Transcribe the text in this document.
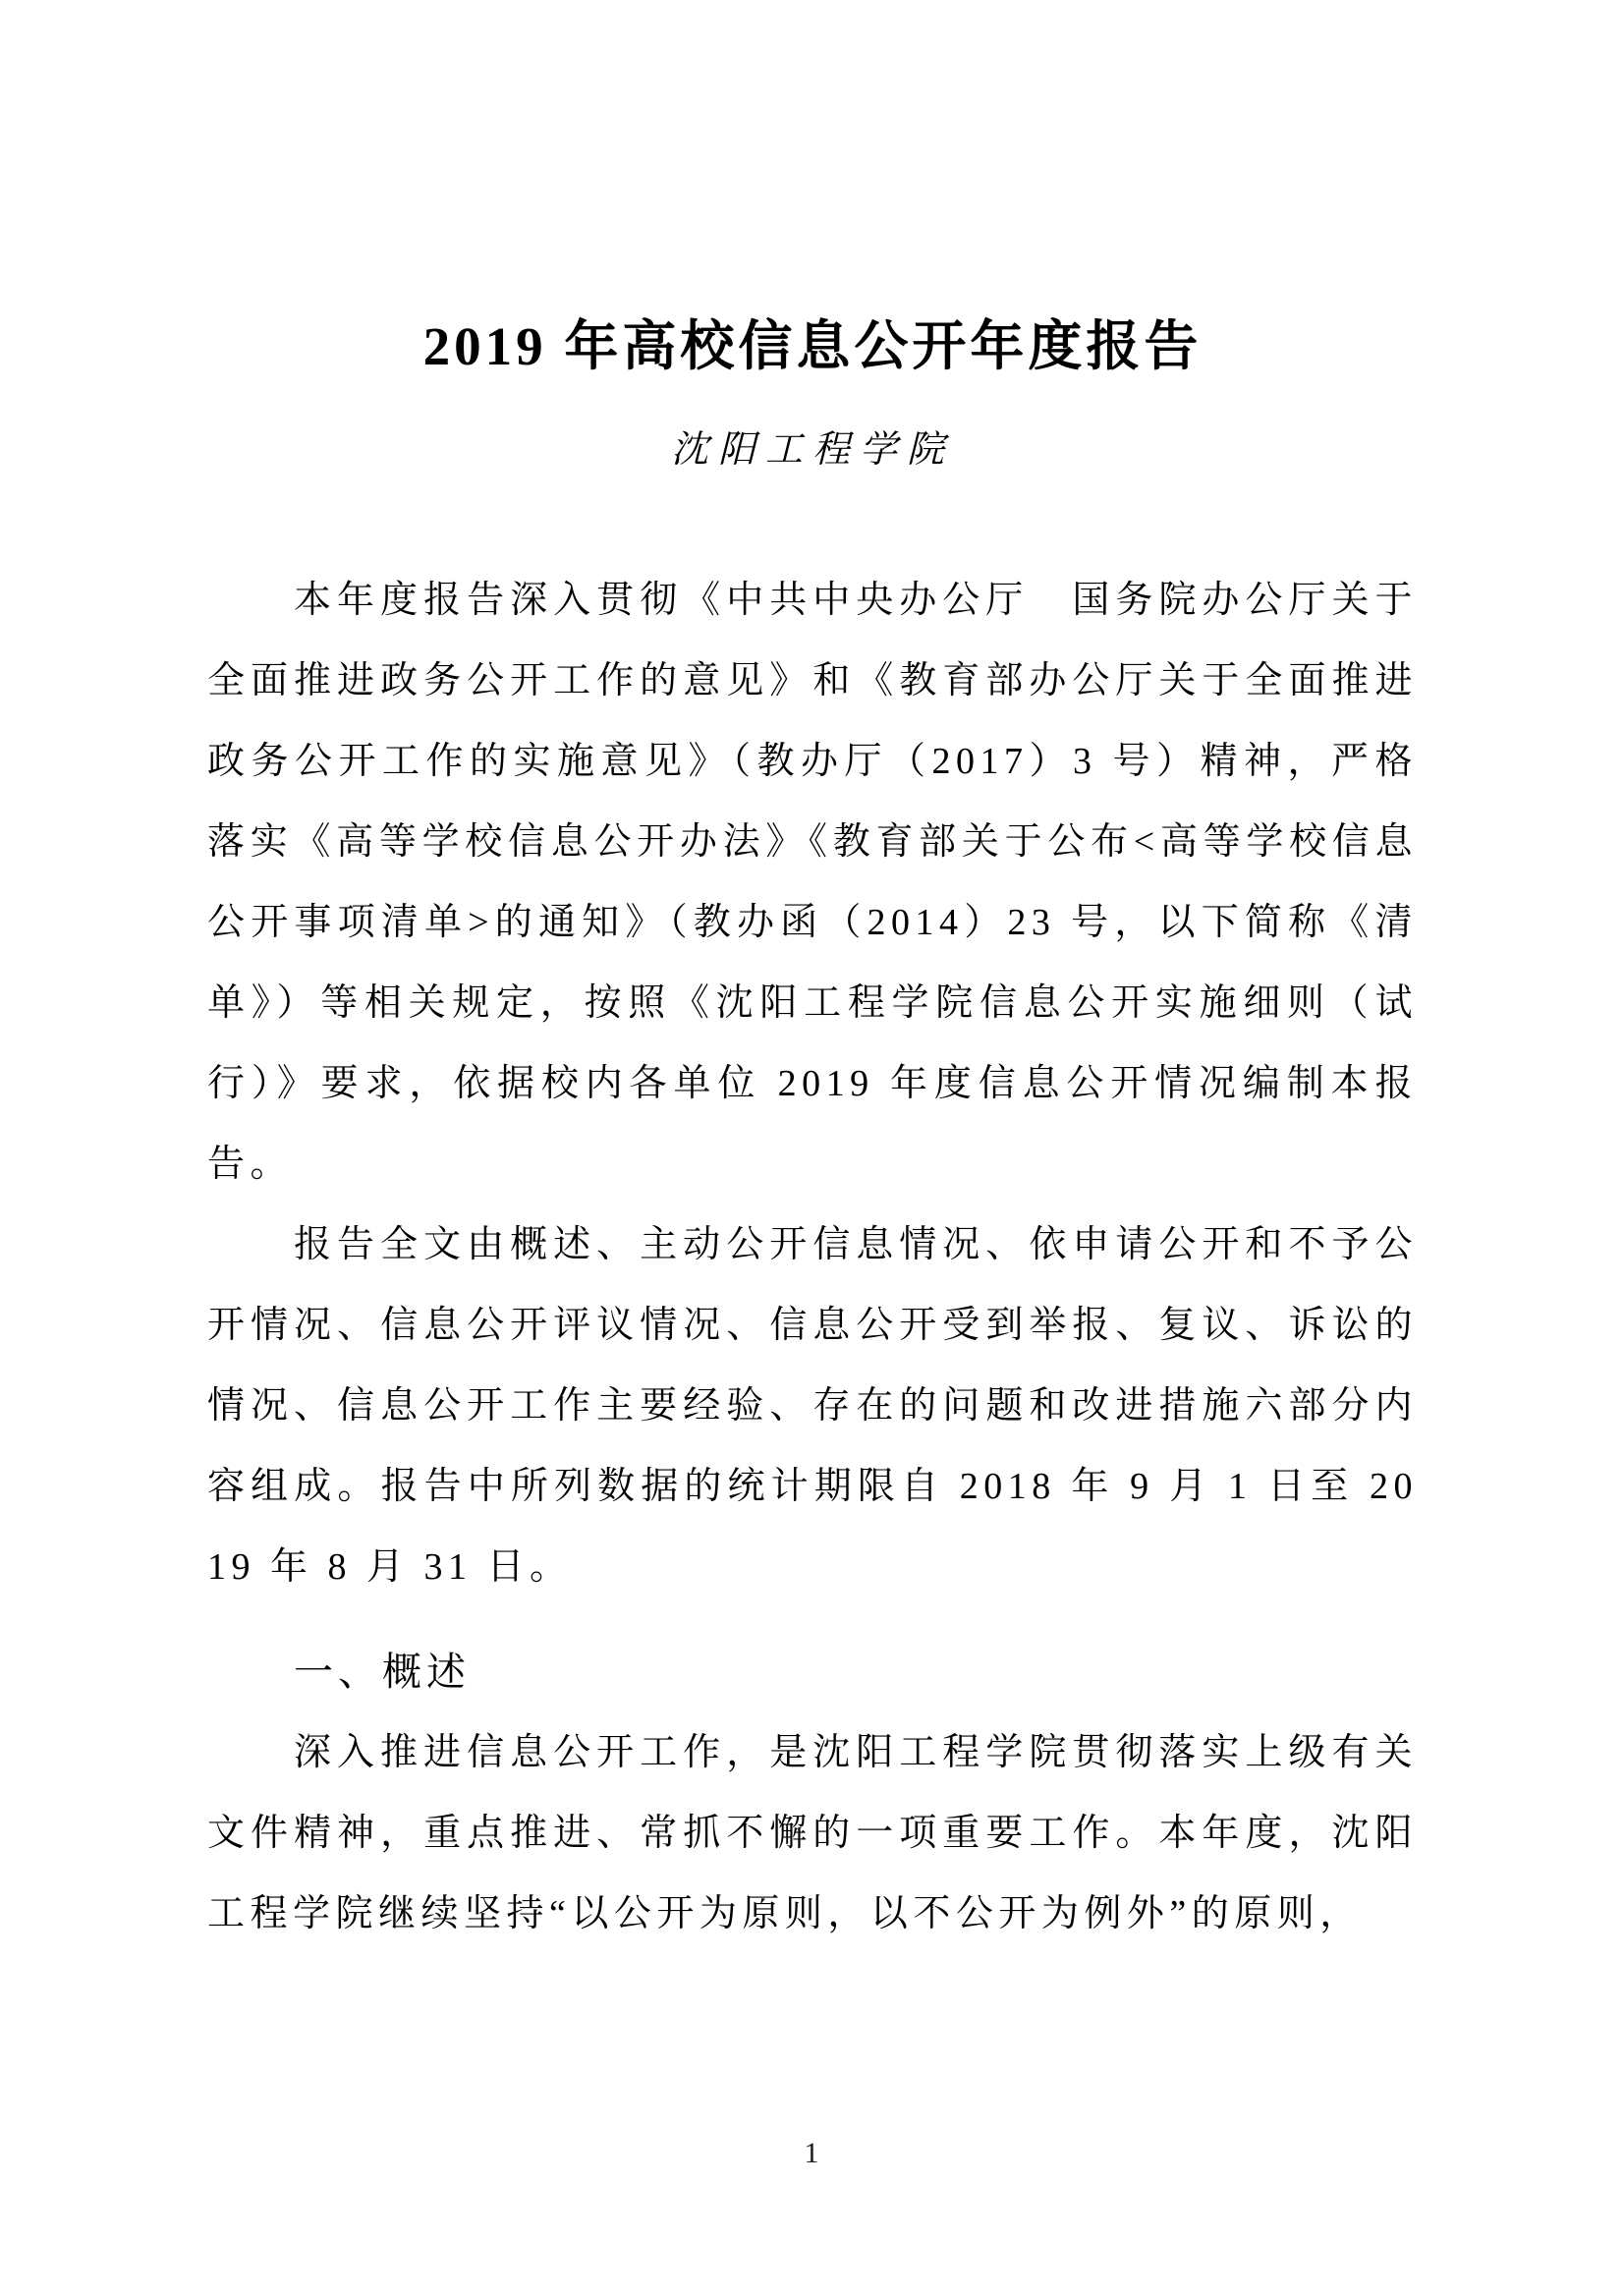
2019 年高校信息公开年度报告
沈阳工程学院

本年度报告深入贯彻《中共中央办公厅　国务院办公厅关于全面推进政务公开工作的意见》和《教育部办公厅关于全面推进政务公开工作的实施意见》（教办厅（2017）3 号）精神，严格落实《高等学校信息公开办法》《教育部关于公布<高等学校信息公开事项清单>的通知》（教办函（2014）23 号，以下简称《清单》）等相关规定，按照《沈阳工程学院信息公开实施细则（试行）》要求，依据校内各单位 2019 年度信息公开情况编制本报告。

报告全文由概述、主动公开信息情况、依申请公开和不予公开情况、信息公开评议情况、信息公开受到举报、复议、诉讼的情况、信息公开工作主要经验、存在的问题和改进措施六部分内容组成。报告中所列数据的统计期限自 2018 年 9 月 1 日至 2019 年 8 月 31 日。

一、概述

深入推进信息公开工作，是沈阳工程学院贯彻落实上级有关文件精神，重点推进、常抓不懈的一项重要工作。本年度，沈阳工程学院继续坚持“以公开为原则，以不公开为例外”的原则，

1
